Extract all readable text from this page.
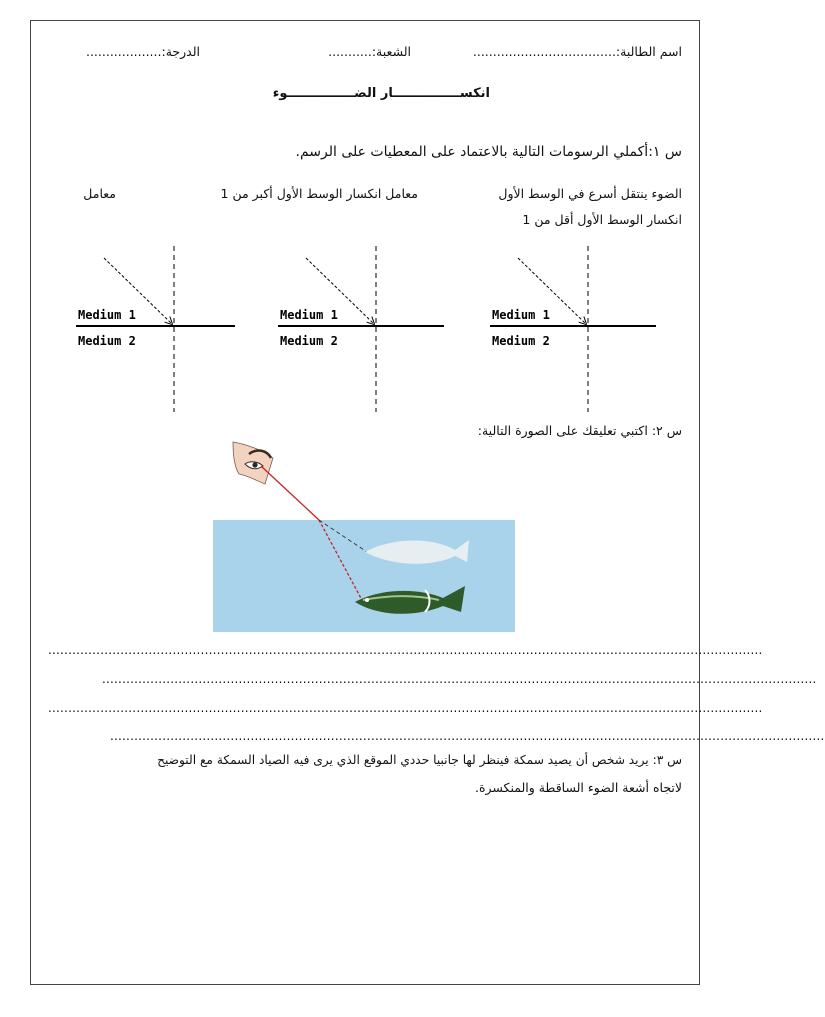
اسم الطالبة:....................................
الشعبة:...........
الدرجة:...................
انكســـــــــــــــار الضـــــــــــــــوء
س ١:أكملي الرسومات التالية بالاعتماد على المعطيات على الرسم.
الضوء ينتقل أسرع في الوسط الأول
معامل انكسار الوسط الأول أكبر من 1
معامل
انكسار الوسط الأول أقل من 1
Medium 1
Medium 2
Medium 1
Medium 2
Medium 1
Medium 2
س ٢: اكتبي تعليقك على الصورة التالية:
..................................................................................................................................................................................
..................................................................................................................................................................................
..................................................................................................................................................................................
..................................................................................................................................................................................
س ٣: يريد شخص أن يصيد سمكة فينظر لها جانبيا حددي الموقع الذي يرى فيه الصياد السمكة مع التوضيح
لاتجاه أشعة الضوء الساقطة والمنكسرة.
